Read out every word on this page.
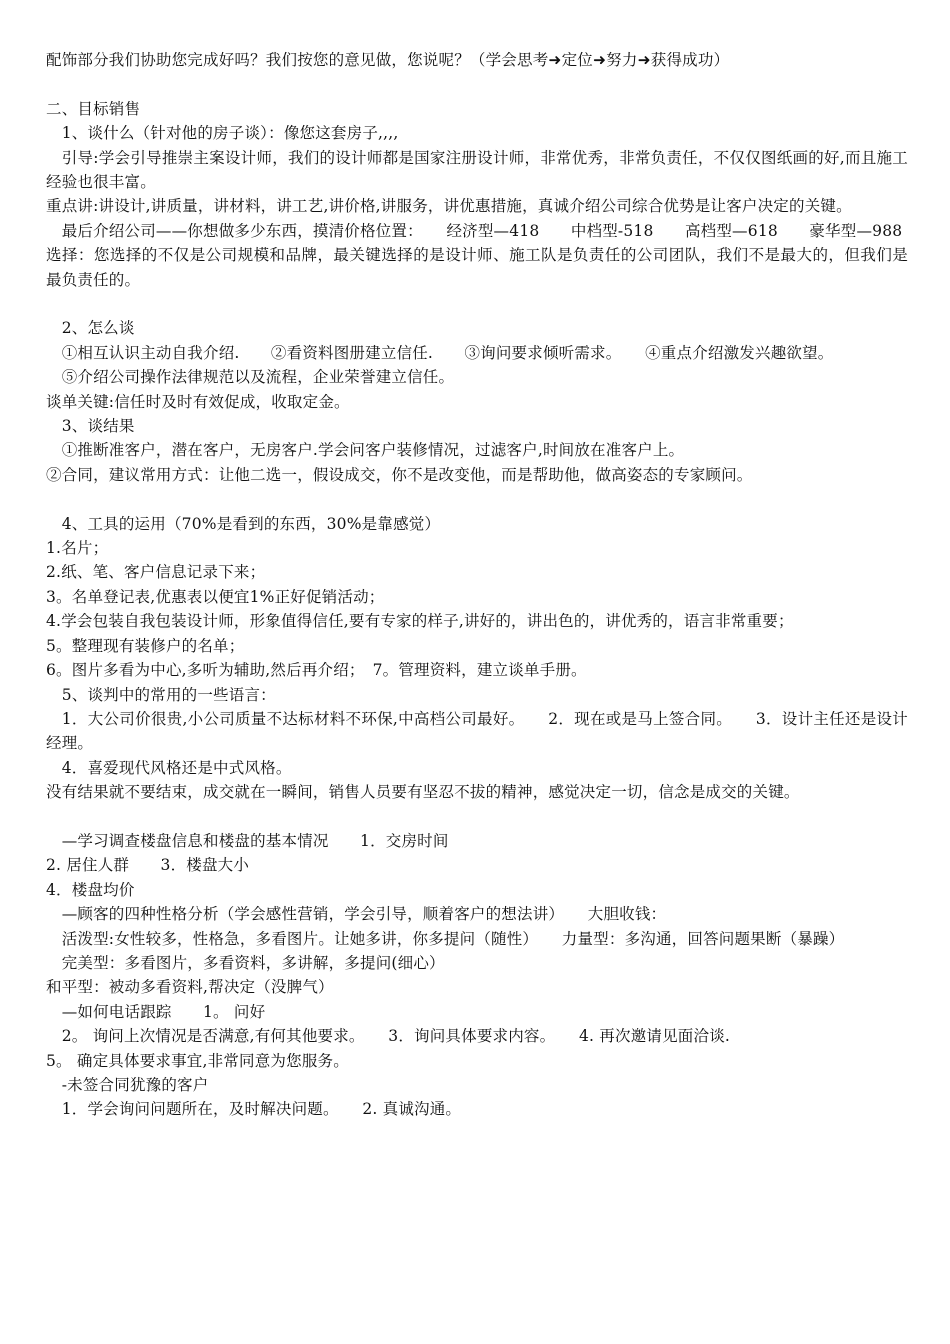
配饰部分我们协助您完成好吗？我们按您的意见做，您说呢？（学会思考➜定位➜努力➜获得成功）

二、目标销售

　1、谈什么（针对他的房子谈）：像您这套房子,,,,

　引导:学会引导推崇主案设计师，我们的设计师都是国家注册设计师，非常优秀，非常负责任，不仅仅图纸画的好,而且施工经验也很丰富。

重点讲:讲设计,讲质量，讲材料，讲工艺,讲价格,讲服务，讲优惠措施，真诚介绍公司综合优势是让客户决定的关键。

　最后介绍公司——你想做多少东西，摸清价格位置：　　经济型—418　　中档型-518　　高档型—618　　豪华型—988

选择：您选择的不仅是公司规模和品牌，最关键选择的是设计师、施工队是负责任的公司团队，我们不是最大的，但我们是最负责任的。

　2、怎么谈

　①相互认识主动自我介绍.　　②看资料图册建立信任.　　③询问要求倾听需求。　　④重点介绍激发兴趣欲望。

　⑤介绍公司操作法律规范以及流程，企业荣誉建立信任。

谈单关键:信任时及时有效促成，收取定金。

　3、谈结果

　①推断准客户，潜在客户，无房客户.学会问客户装修情况，过滤客户,时间放在准客户上。

②合同，建议常用方式：让他二选一，假设成交，你不是改变他，而是帮助他，做高姿态的专家顾问。

　4、工具的运用（70%是看到的东西，30%是靠感觉）

1.名片；

2.纸、笔、客户信息记录下来；

3。名单登记表,优惠表以便宜1%正好促销活动；

4.学会包装自我包装设计师，形象值得信任,要有专家的样子,讲好的，讲出色的，讲优秀的，语言非常重要；

5。整理现有装修户的名单；

6。图片多看为中心,多听为辅助,然后再介绍；　7。管理资料，建立谈单手册。

　5、谈判中的常用的一些语言：

　1．大公司价很贵,小公司质量不达标材料不环保,中高档公司最好。　　2．现在或是马上签合同。　　3．设计主任还是设计经理。

　4．喜爱现代风格还是中式风格。

没有结果就不要结束，成交就在一瞬间，销售人员要有坚忍不拔的精神，感觉决定一切，信念是成交的关键。

　—学习调查楼盘信息和楼盘的基本情况　　1．交房时间

2. 居住人群　　3．楼盘大小

4．楼盘均价

　—顾客的四种性格分析（学会感性营销，学会引导，顺着客户的想法讲）　　大胆收钱：

　活泼型:女性较多，性格急，多看图片。让她多讲，你多提问（随性）　　力量型：多沟通，回答问题果断（暴躁）

　完美型：多看图片，多看资料，多讲解，多提问(细心）

和平型：被动多看资料,帮决定（没脾气）

　—如何电话跟踪　　1。 问好

　2。 询问上次情况是否满意,有何其他要求。　　3．询问具体要求内容。　　4. 再次邀请见面洽谈.

5。 确定具体要求事宜,非常同意为您服务。

　-未签合同犹豫的客户

　1．学会询问问题所在，及时解决问题。　　2. 真诚沟通。
